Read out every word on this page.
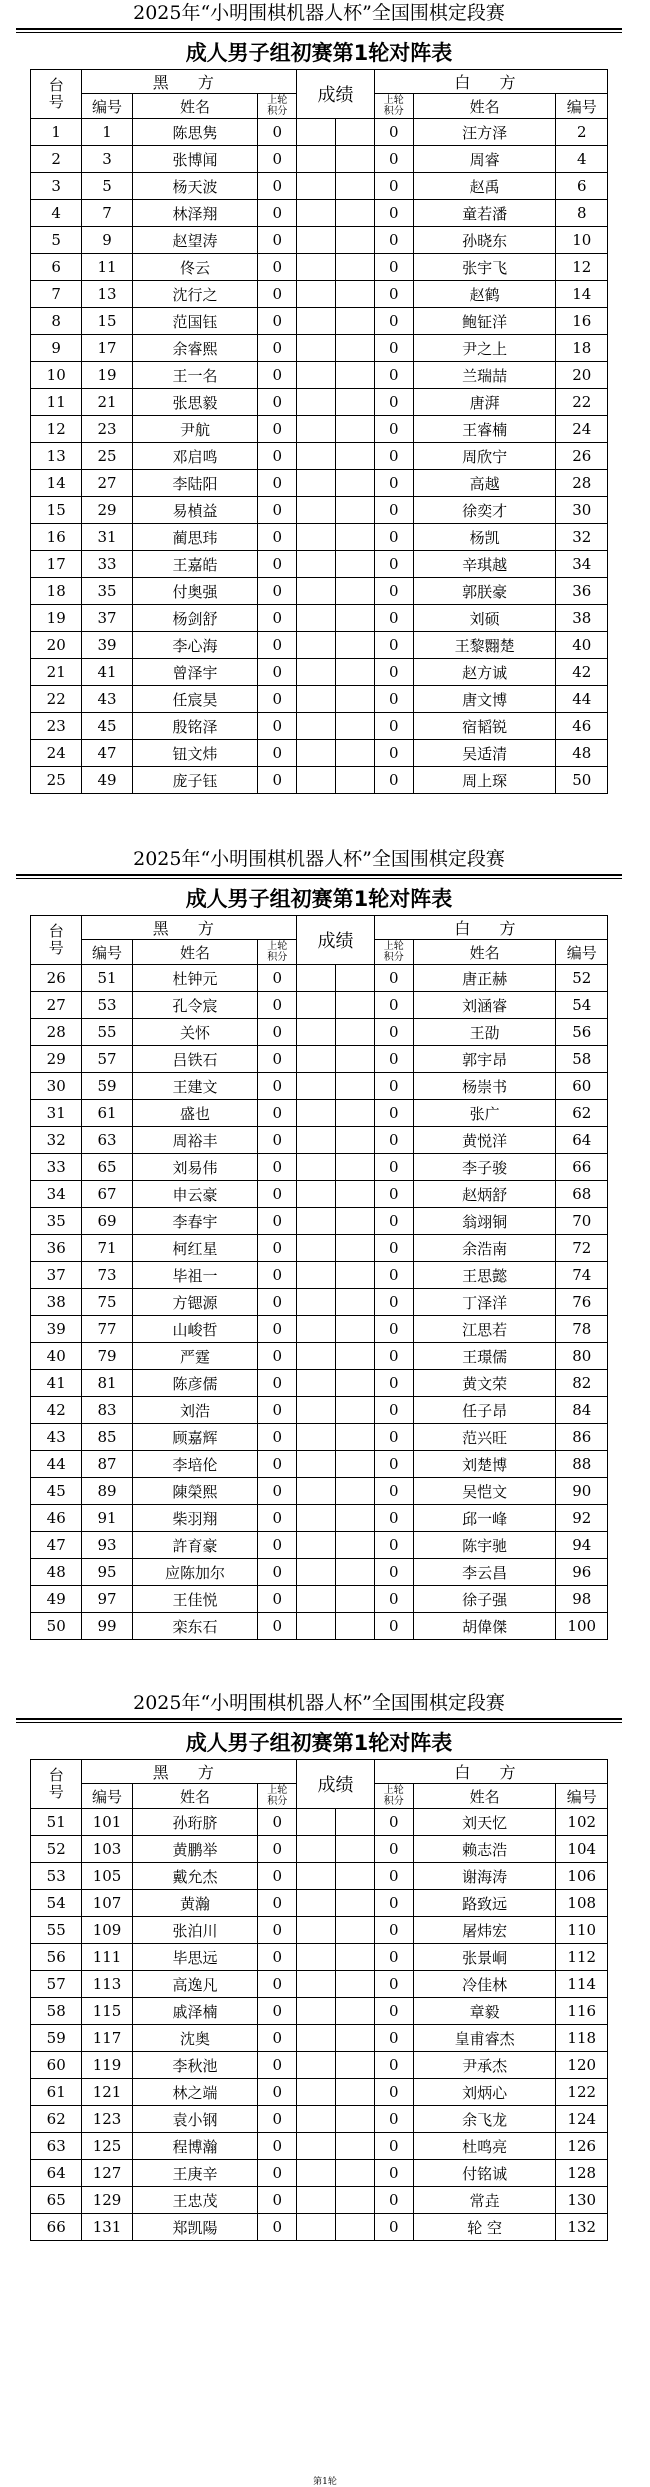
2025年“小明围棋机器人杯”全国围棋定段赛
成人男子组初赛第1轮对阵表
台号	黑 方			成绩		白 方		
	编号	姓名	上轮积分			上轮积分	姓名	编号
1	1	陈思隽	0			0	汪方泽	2
2	3	张博闻	0			0	周睿	4
3	5	杨天波	0			0	赵禹	6
4	7	林泽翔	0			0	童若潘	8
5	9	赵望涛	0			0	孙晓东	10
6	11	佟云	0			0	张宇飞	12
7	13	沈行之	0			0	赵鹤	14
8	15	范国钰	0			0	鲍钲洋	16
9	17	余睿熙	0			0	尹之上	18
10	19	王一名	0			0	兰瑞喆	20
11	21	张思毅	0			0	唐湃	22
12	23	尹航	0			0	王睿楠	24
13	25	邓启鸣	0			0	周欣宁	26
14	27	李陆阳	0			0	高越	28
15	29	易楨益	0			0	徐奕才	30
16	31	蔺思玮	0			0	杨凯	32
17	33	王嘉皓	0			0	辛琪越	34
18	35	付奥强	0			0	郭朕豪	36
19	37	杨剑舒	0			0	刘硕	38
20	39	李心海	0			0	王黎翾楚	40
21	41	曾泽宇	0			0	赵方诚	42
22	43	任宸昊	0			0	唐文博	44
23	45	殷铭泽	0			0	宿韬锐	46
24	47	钮文炜	0			0	吴适清	48
25	49	庞子钰	0			0	周上琛	50
2025年“小明围棋机器人杯”全国围棋定段赛
成人男子组初赛第1轮对阵表
台号	黑 方			成绩		白 方		
	编号	姓名	上轮积分			上轮积分	姓名	编号
26	51	杜钟元	0			0	唐正赫	52
27	53	孔令宸	0			0	刘涵睿	54
28	55	关怀	0			0	王劭	56
29	57	吕铁石	0			0	郭宇昂	58
30	59	王建文	0			0	杨崇书	60
31	61	盛也	0			0	张广	62
32	63	周裕丰	0			0	黄悦洋	64
33	65	刘易伟	0			0	李子骏	66
34	67	申云豪	0			0	赵炳舒	68
35	69	李春宇	0			0	翁翊铜	70
36	71	柯红星	0			0	余浩南	72
37	73	毕祖一	0			0	王思懿	74
38	75	方锶源	0			0	丁泽洋	76
39	77	山峻哲	0			0	江思若	78
40	79	严霆	0			0	王璟儒	80
41	81	陈彦儒	0			0	黄文荣	82
42	83	刘浩	0			0	任子昂	84
43	85	顾嘉辉	0			0	范兴旺	86
44	87	李培伦	0			0	刘楚博	88
45	89	陳榮熙	0			0	吴恺文	90
46	91	柴羽翔	0			0	邱一峰	92
47	93	許育豪	0			0	陈宇驰	94
48	95	应陈加尔	0			0	李云昌	96
49	97	王佳悦	0			0	徐子强	98
50	99	栾东石	0			0	胡偉傑	100
2025年“小明围棋机器人杯”全国围棋定段赛
成人男子组初赛第1轮对阵表
台号	黑 方			成绩		白 方		
	编号	姓名	上轮积分			上轮积分	姓名	编号
51	101	孙珩脐	0			0	刘天忆	102
52	103	黄鹏举	0			0	赖志浩	104
53	105	戴允杰	0			0	谢海涛	106
54	107	黄瀚	0			0	路致远	108
55	109	张泊川	0			0	屠炜宏	110
56	111	毕思远	0			0	张景峒	112
57	113	高逸凡	0			0	冷佳林	114
58	115	戚泽楠	0			0	章毅	116
59	117	沈奥	0			0	皇甫睿杰	118
60	119	李秋池	0			0	尹承杰	120
61	121	林之端	0			0	刘炳心	122
62	123	袁小钢	0			0	余飞龙	124
63	125	程博瀚	0			0	杜鸣亮	126
64	127	王庚辛	0			0	付铭诚	128
65	129	王忠茂	0			0	常垚	130
66	131	郑凯陽	0			0	轮 空	132
第1轮
